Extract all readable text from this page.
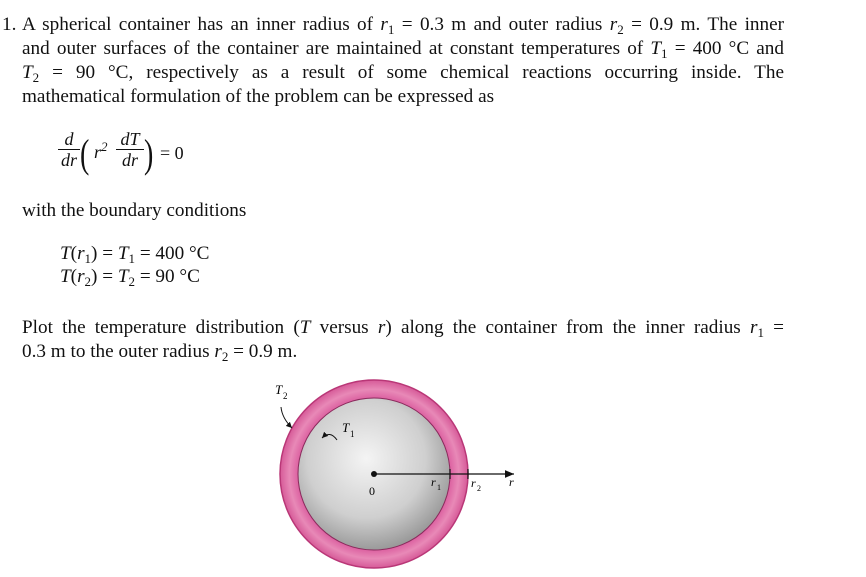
1. A spherical container has an inner radius of $r_1 = 0.3$ m and outer radius $r_2 = 0.9$ m. The inner
and outer surfaces of the container are maintained at constant temperatures of $T_1 = 400$ °C and
$T_2 = 90$ °C, respectively as a result of some chemical reactions occurring inside. The
mathematical formulation of the problem can be expressed as
d
dr ( $r^2$ dT
dr ) = 0
with the boundary conditions
$T(r_1) = T_1 = 400$ °C
$T(r_2) = T_2 = 90$ °C
Plot the temperature distribution (T versus r) along the container from the inner radius $r_1$ =
0.3 m to the outer radius $r_2 = 0.9$ m.
T 2
T 1
0
r 1	r 2 r
